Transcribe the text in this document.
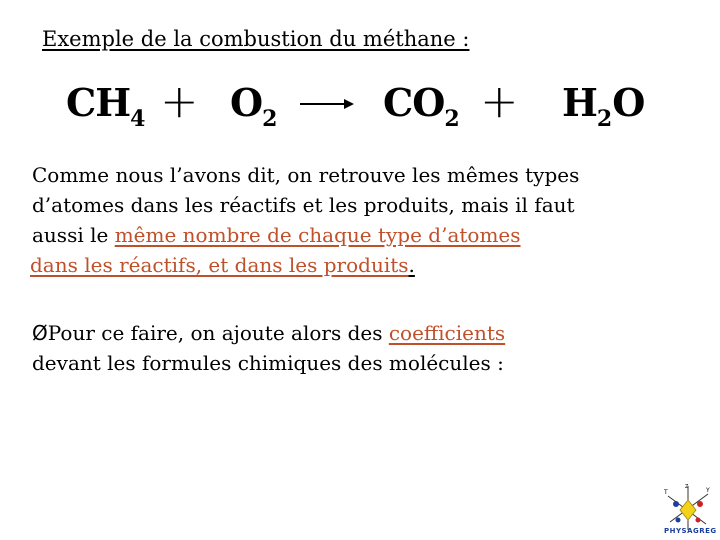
Exemple de la combustion du méthane :
$CH_4 + O_2$	$CO_2 + H_2O$
Comme nous l’avons dit, on retrouve les mêmes types
d’atomes dans les réactifs et les produits, mais il faut
aussi le même nombre de chaque type d’atomes
dans les réactifs, et dans les produits.
ØPour ce faire, on ajoute alors des coefficients
devant les formules chimiques des molécules :
T	Y
Z
PHYSAGREG
